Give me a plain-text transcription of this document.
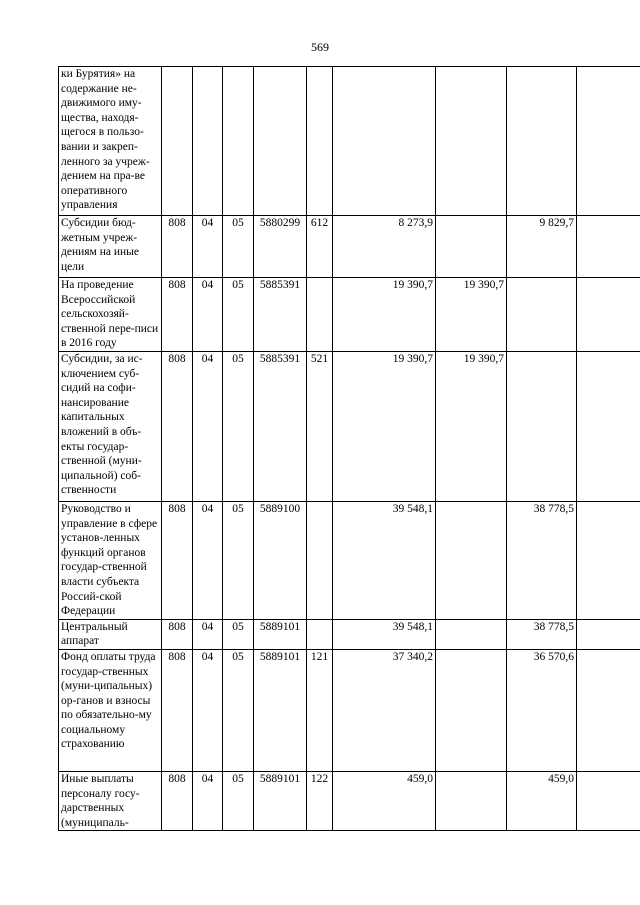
569
ки Бурятия» на содержание не-движимого иму-щества, находя-щегося в пользо-вании и закреп-ленного за учреж-дением на пра-ве оперативного управления									
Субсидии бюд-жетным учреж-дениям на иные цели	808	04	05	5880299	612	8 273,9		9 829,7	
На проведение Всероссийской сельскохозяй-ственной пере-писи в 2016 году	808	04	05	5885391		19 390,7	19 390,7		
Субсидии, за ис-ключением суб-сидий на софи-нансирование капитальных вложений в объ-екты государ-ственной (муни-ципальной) соб-ственности	808	04	05	5885391	521	19 390,7	19 390,7		
Руководство и управление в сфере установ-ленных функций органов государ-ственной власти субъекта Россий-ской Федерации	808	04	05	5889100		39 548,1		38 778,5	
Центральный аппарат	808	04	05	5889101		39 548,1		38 778,5	
Фонд оплаты труда государ-ственных (муни-ципальных) ор-ганов и взносы по обязательно-му социальному страхованию	808	04	05	5889101	121	37 340,2		36 570,6	
Иные выплаты персоналу госу-дарственных (муниципаль-	808	04	05	5889101	122	459,0		459,0	
